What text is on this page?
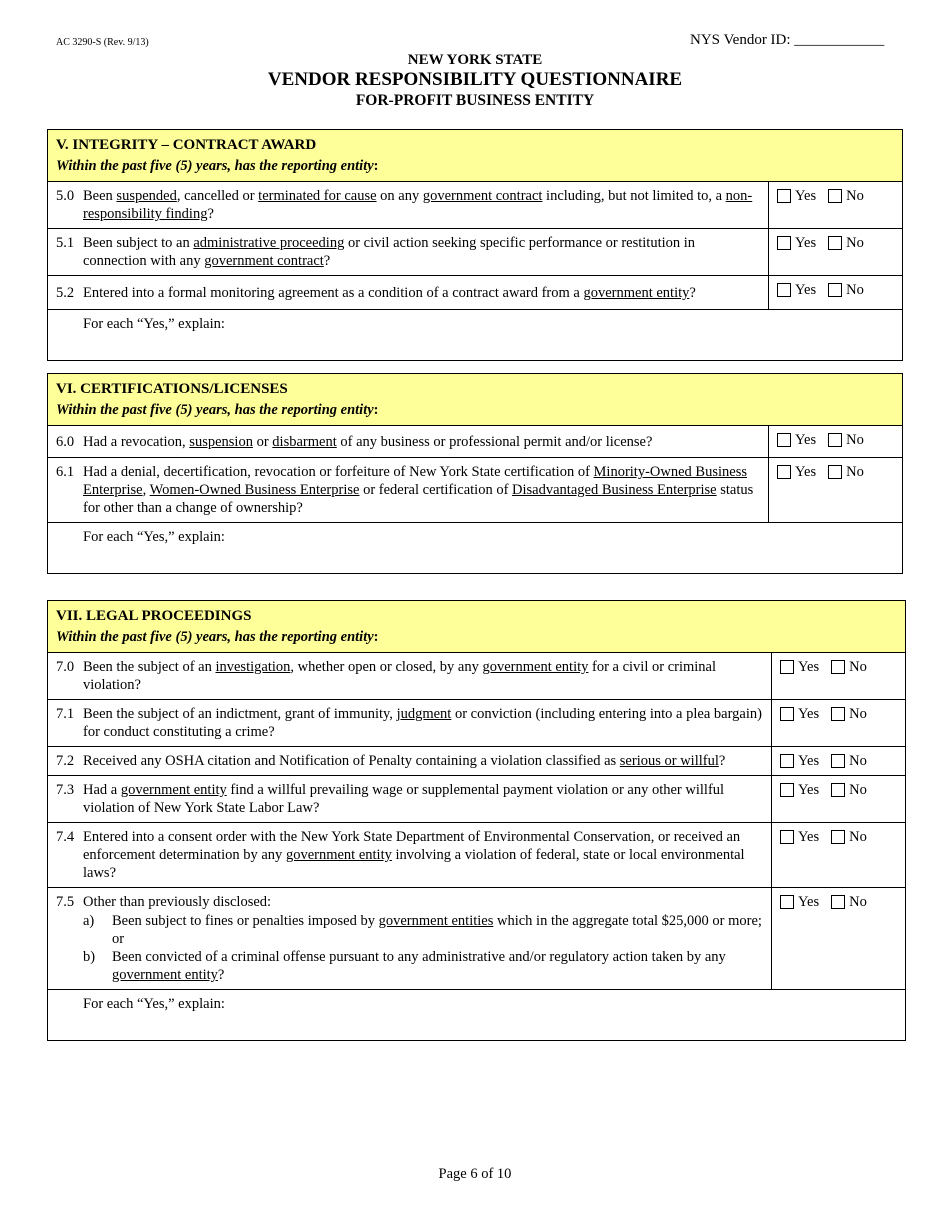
AC 3290-S (Rev. 9/13)	NYS Vendor ID: ____________
NEW YORK STATE
VENDOR RESPONSIBILITY QUESTIONNAIRE
FOR-PROFIT BUSINESS ENTITY
V. INTEGRITY – CONTRACT AWARD
Within the past five (5) years, has the reporting entity:
5.0 Been suspended, cancelled or terminated for cause on any government contract including, but not limited to, a non-responsibility finding?
Yes No
5.1 Been subject to an administrative proceeding or civil action seeking specific performance or restitution in connection with any government contract?
Yes No
5.2 Entered into a formal monitoring agreement as a condition of a contract award from a government entity?	Yes No
For each “Yes,” explain:
VI. CERTIFICATIONS/LICENSES
Within the past five (5) years, has the reporting entity:
6.0 Had a revocation, suspension or disbarment of any business or professional permit and/or license?	Yes No
6.1 Had a denial, decertification, revocation or forfeiture of New York State certification of Minority-Owned Business Enterprise, Women-Owned Business Enterprise or federal certification of Disadvantaged Business Enterprise status for other than a change of ownership?
Yes No
For each “Yes,” explain:
VII. LEGAL PROCEEDINGS
Within the past five (5) years, has the reporting entity:
7.0 Been the subject of an investigation, whether open or closed, by any government entity for a civil or criminal violation?
Yes No
7.1 Been the subject of an indictment, grant of immunity, judgment or conviction (including entering into a plea bargain) for conduct constituting a crime?
Yes No
7.2 Received any OSHA citation and Notification of Penalty containing a violation classified as serious or willful?	Yes No
7.3 Had a government entity find a willful prevailing wage or supplemental payment violation or any other willful violation of New York State Labor Law?
Yes No
7.4 Entered into a consent order with the New York State Department of Environmental Conservation, or received an enforcement determination by any government entity involving a violation of federal, state or local environmental laws?
Yes No
7.5 Other than previously disclosed:
a)	Been subject to fines or penalties imposed by government entities which in the aggregate total $25,000 or more; or
b)	Been convicted of a criminal offense pursuant to any administrative and/or regulatory action taken by any government entity?
Yes No
For each “Yes,” explain:
Page 6 of 10
